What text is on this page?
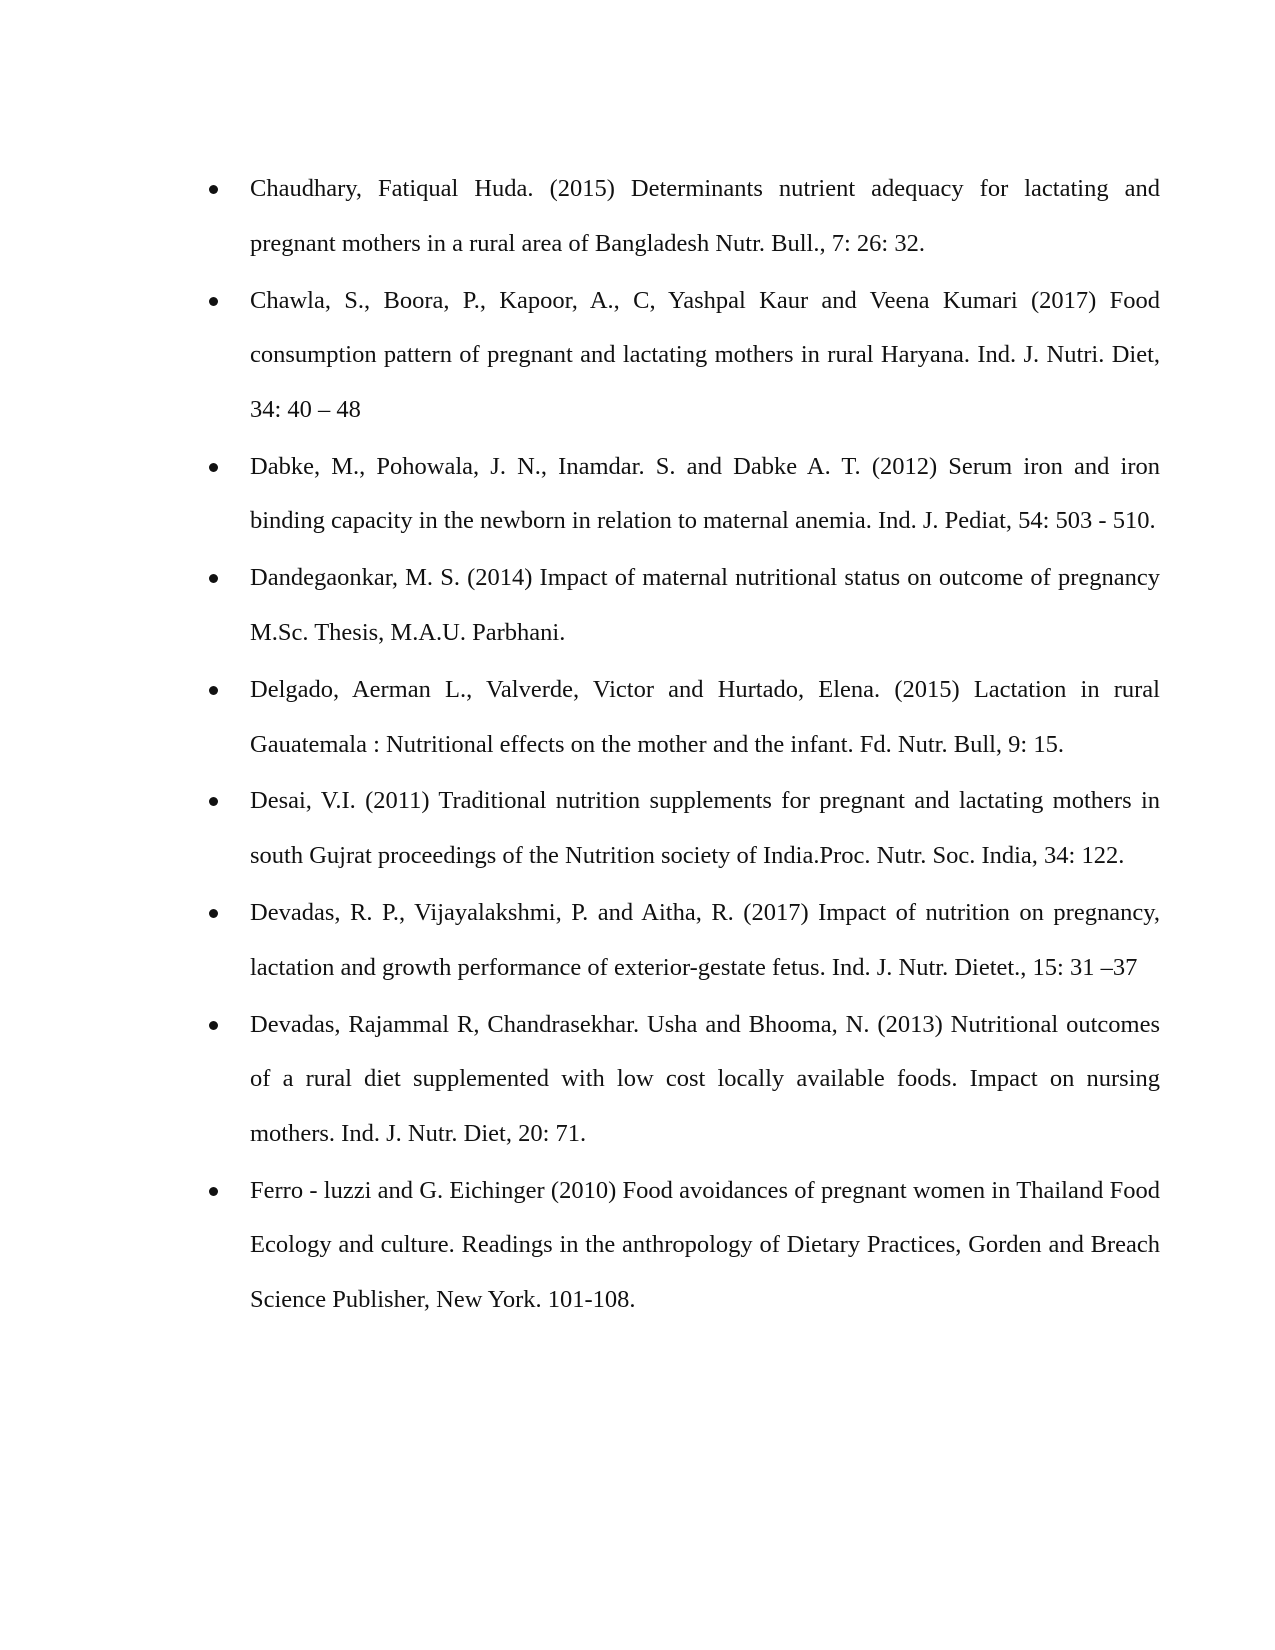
Chaudhary, Fatiqual Huda. (2015) Determinants nutrient adequacy for lactating and pregnant mothers in a rural area of Bangladesh Nutr. Bull., 7: 26: 32.
Chawla, S., Boora, P., Kapoor, A., C, Yashpal Kaur and Veena Kumari (2017) Food consumption pattern of pregnant and lactating mothers in rural Haryana. Ind. J. Nutri. Diet, 34: 40 – 48
Dabke, M., Pohowala, J. N., Inamdar. S. and Dabke A. T. (2012) Serum iron and iron binding capacity in the newborn in relation to maternal anemia. Ind. J. Pediat, 54: 503 - 510.
Dandegaonkar, M. S. (2014) Impact of maternal nutritional status on outcome of pregnancy M.Sc. Thesis, M.A.U. Parbhani.
Delgado, Aerman L., Valverde, Victor and Hurtado, Elena. (2015) Lactation in rural Gauatemala : Nutritional effects on the mother and the infant. Fd. Nutr. Bull, 9: 15.
Desai, V.I. (2011) Traditional nutrition supplements for pregnant and lactating mothers in south Gujrat proceedings of the Nutrition society of India.Proc. Nutr. Soc. India, 34: 122.
Devadas, R. P., Vijayalakshmi, P. and Aitha, R. (2017) Impact of nutrition on pregnancy, lactation and growth performance of exterior-gestate fetus. Ind. J. Nutr. Dietet., 15: 31 –37
Devadas, Rajammal R, Chandrasekhar. Usha and Bhooma, N. (2013) Nutritional outcomes of a rural diet supplemented with low cost locally available foods. Impact on nursing mothers. Ind. J. Nutr. Diet, 20: 71.
Ferro - luzzi and G. Eichinger (2010) Food avoidances of pregnant women in Thailand Food Ecology and culture. Readings in the anthropology of Dietary Practices, Gorden and Breach Science Publisher, New York. 101-108.
